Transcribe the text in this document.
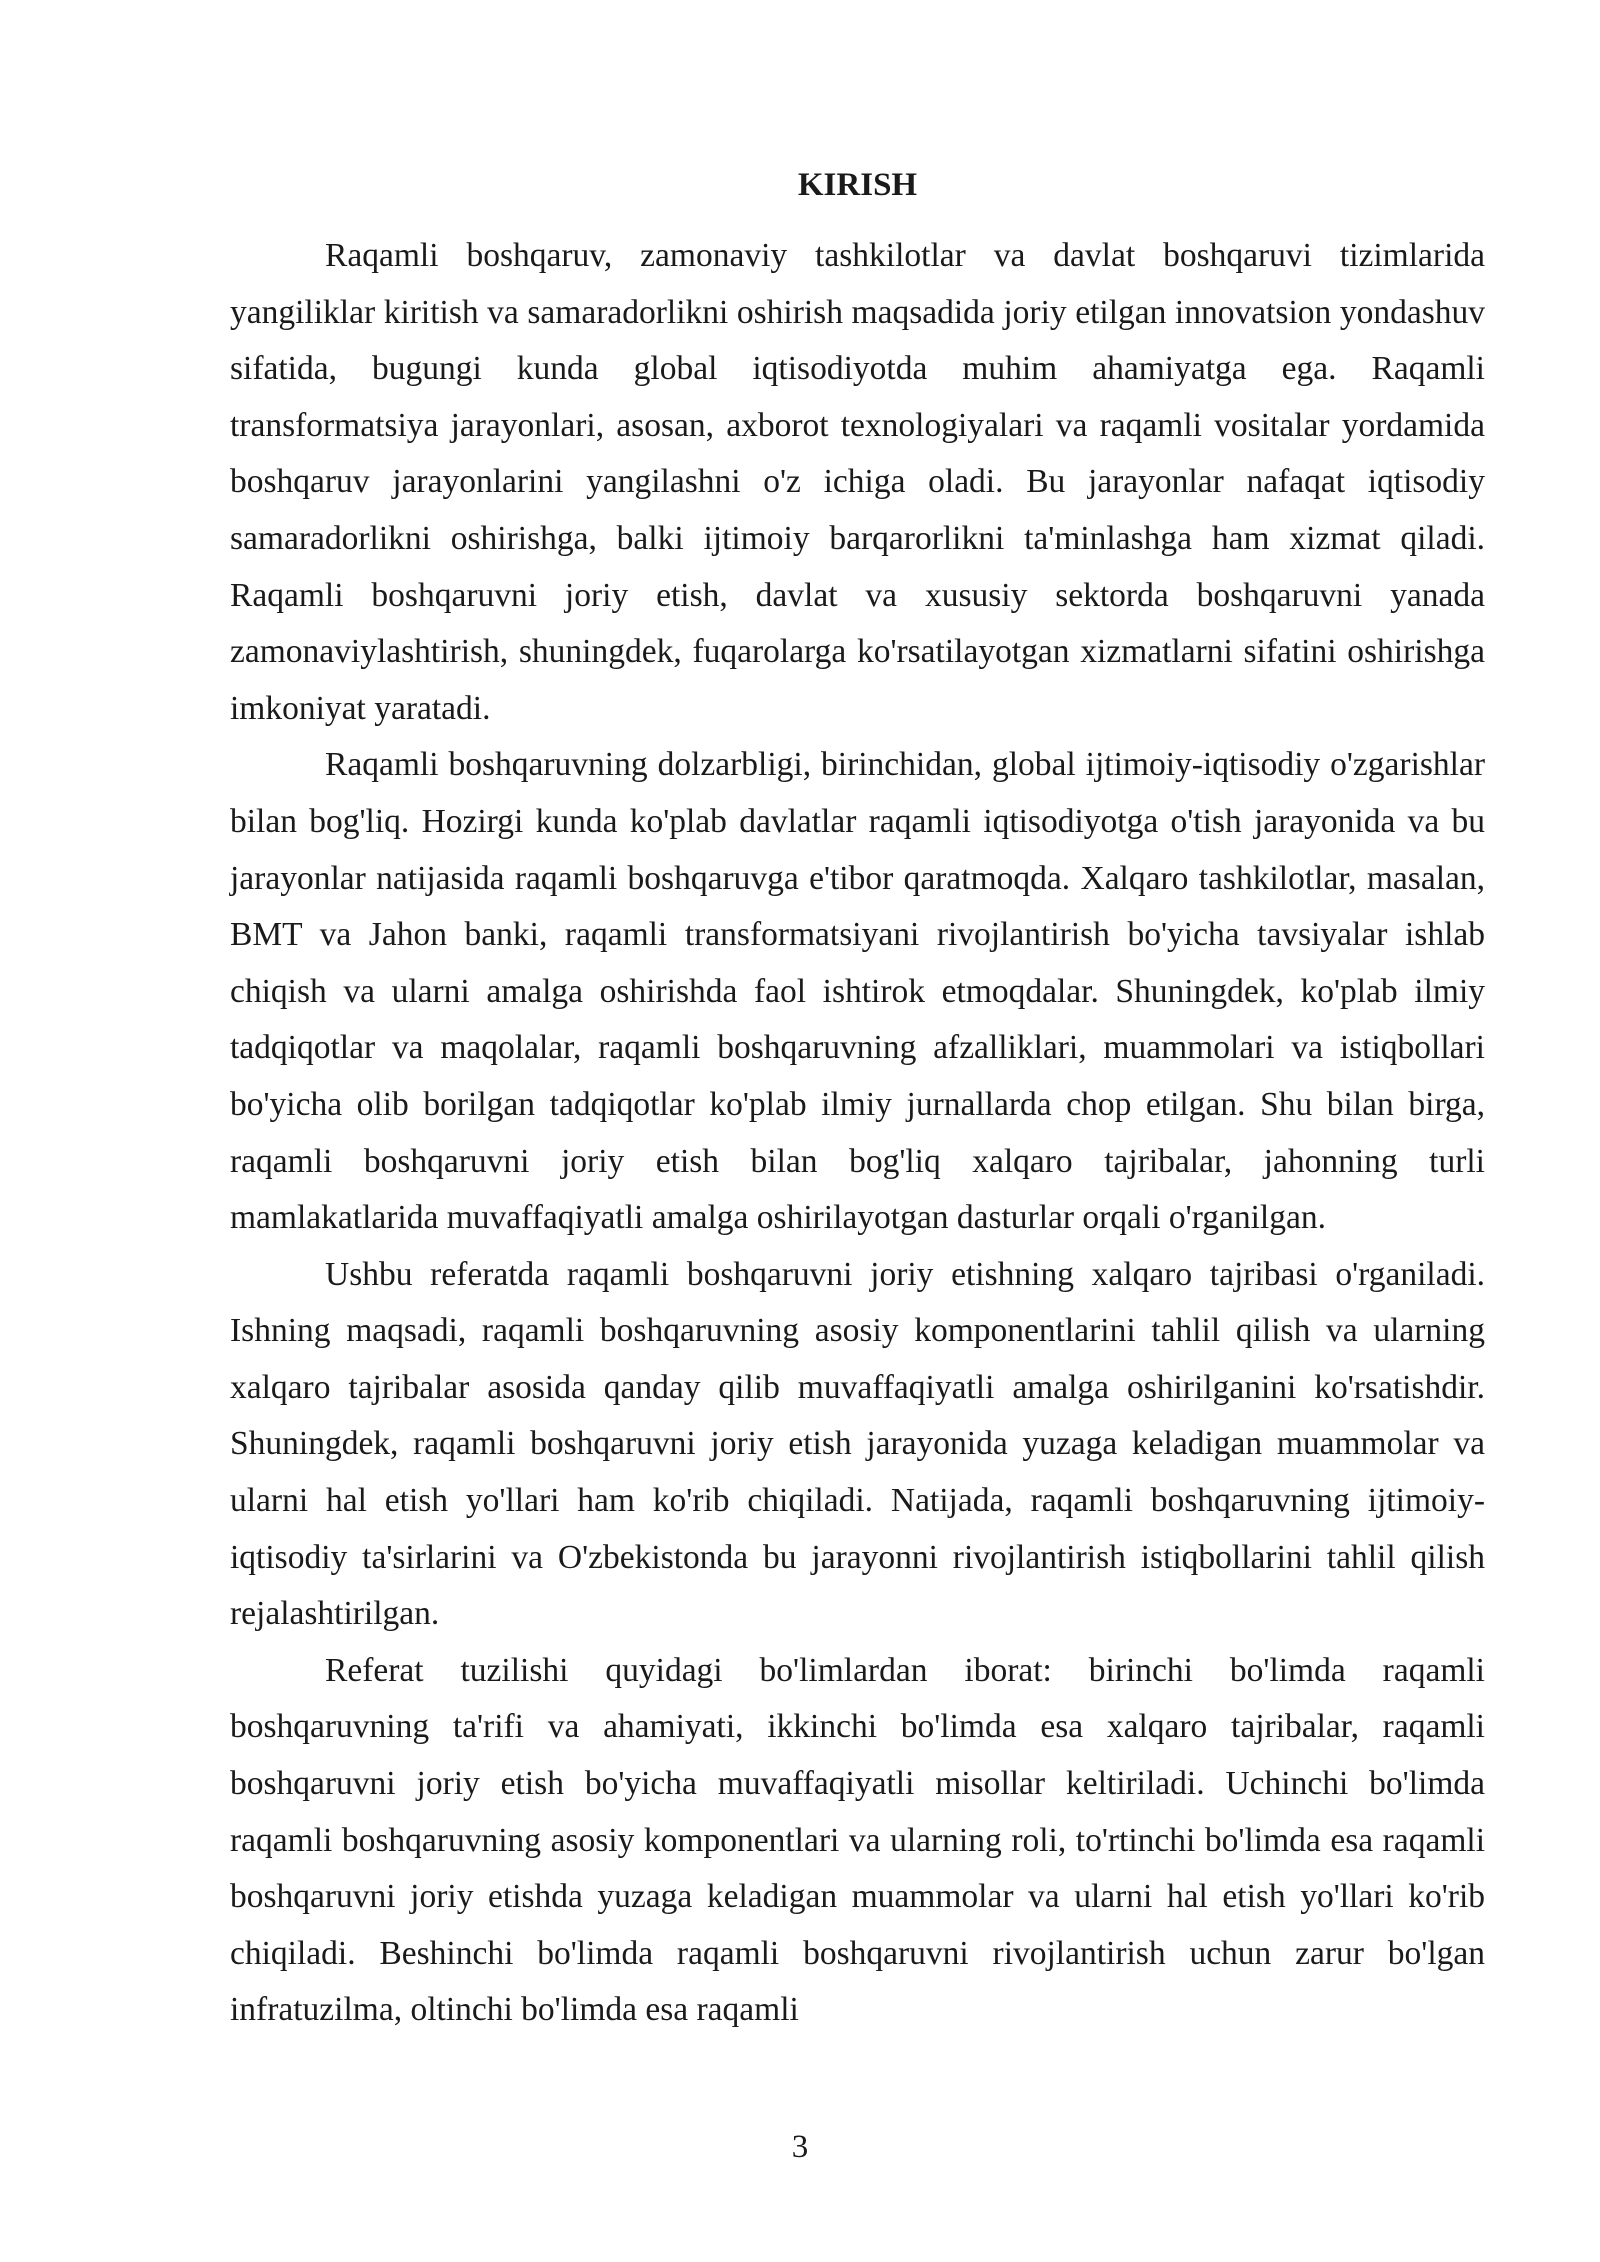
KIRISH

Raqamli boshqaruv, zamonaviy tashkilotlar va davlat boshqaruvi tizimlarida yangiliklar kiritish va samaradorlikni oshirish maqsadida joriy etilgan innovatsion yondashuv sifatida, bugungi kunda global iqtisodiyotda muhim ahamiyatga ega. Raqamli transformatsiya jarayonlari, asosan, axborot texnologiyalari va raqamli vositalar yordamida boshqaruv jarayonlarini yangilashni o'z ichiga oladi. Bu jarayonlar nafaqat iqtisodiy samaradorlikni oshirishga, balki ijtimoiy barqarorlikni ta'minlashga ham xizmat qiladi. Raqamli boshqaruvni joriy etish, davlat va xususiy sektorda boshqaruvni yanada zamonaviylashtirish, shuningdek, fuqarolarga ko'rsatilayotgan xizmatlarni sifatini oshirishga imkoniyat yaratadi.

Raqamli boshqaruvning dolzarbligi, birinchidan, global ijtimoiy-iqtisodiy o'zgarishlar bilan bog'liq. Hozirgi kunda ko'plab davlatlar raqamli iqtisodiyotga o'tish jarayonida va bu jarayonlar natijasida raqamli boshqaruvga e'tibor qaratmoqda. Xalqaro tashkilotlar, masalan, BMT va Jahon banki, raqamli transformatsiyani rivojlantirish bo'yicha tavsiyalar ishlab chiqish va ularni amalga oshirishda faol ishtirok etmoqdalar. Shuningdek, ko'plab ilmiy tadqiqotlar va maqolalar, raqamli boshqaruvning afzalliklari, muammolari va istiqbollari bo'yicha olib borilgan tadqiqotlar ko'plab ilmiy jurnallarda chop etilgan. Shu bilan birga, raqamli boshqaruvni joriy etish bilan bog'liq xalqaro tajribalar, jahonning turli mamlakatlarida muvaffaqiyatli amalga oshirilayotgan dasturlar orqali o'rganilgan.

Ushbu referatda raqamli boshqaruvni joriy etishning xalqaro tajribasi o'rganiladi. Ishning maqsadi, raqamli boshqaruvning asosiy komponentlarini tahlil qilish va ularning xalqaro tajribalar asosida qanday qilib muvaffaqiyatli amalga oshirilganini ko'rsatishdir. Shuningdek, raqamli boshqaruvni joriy etish jarayonida yuzaga keladigan muammolar va ularni hal etish yo'llari ham ko'rib chiqiladi. Natijada, raqamli boshqaruvning ijtimoiy-iqtisodiy ta'sirlarini va O'zbekistonda bu jarayonni rivojlantirish istiqbollarini tahlil qilish rejalashtirilgan.

Referat tuzilishi quyidagi bo'limlardan iborat: birinchi bo'limda raqamli boshqaruvning ta'rifi va ahamiyati, ikkinchi bo'limda esa xalqaro tajribalar, raqamli boshqaruvni joriy etish bo'yicha muvaffaqiyatli misollar keltiriladi. Uchinchi bo'limda raqamli boshqaruvning asosiy komponentlari va ularning roli, to'rtinchi bo'limda esa raqamli boshqaruvni joriy etishda yuzaga keladigan muammolar va ularni hal etish yo'llari ko'rib chiqiladi. Beshinchi bo'limda raqamli boshqaruvni rivojlantirish uchun zarur bo'lgan infratuzilma, oltinchi bo'limda esa raqamli

3
